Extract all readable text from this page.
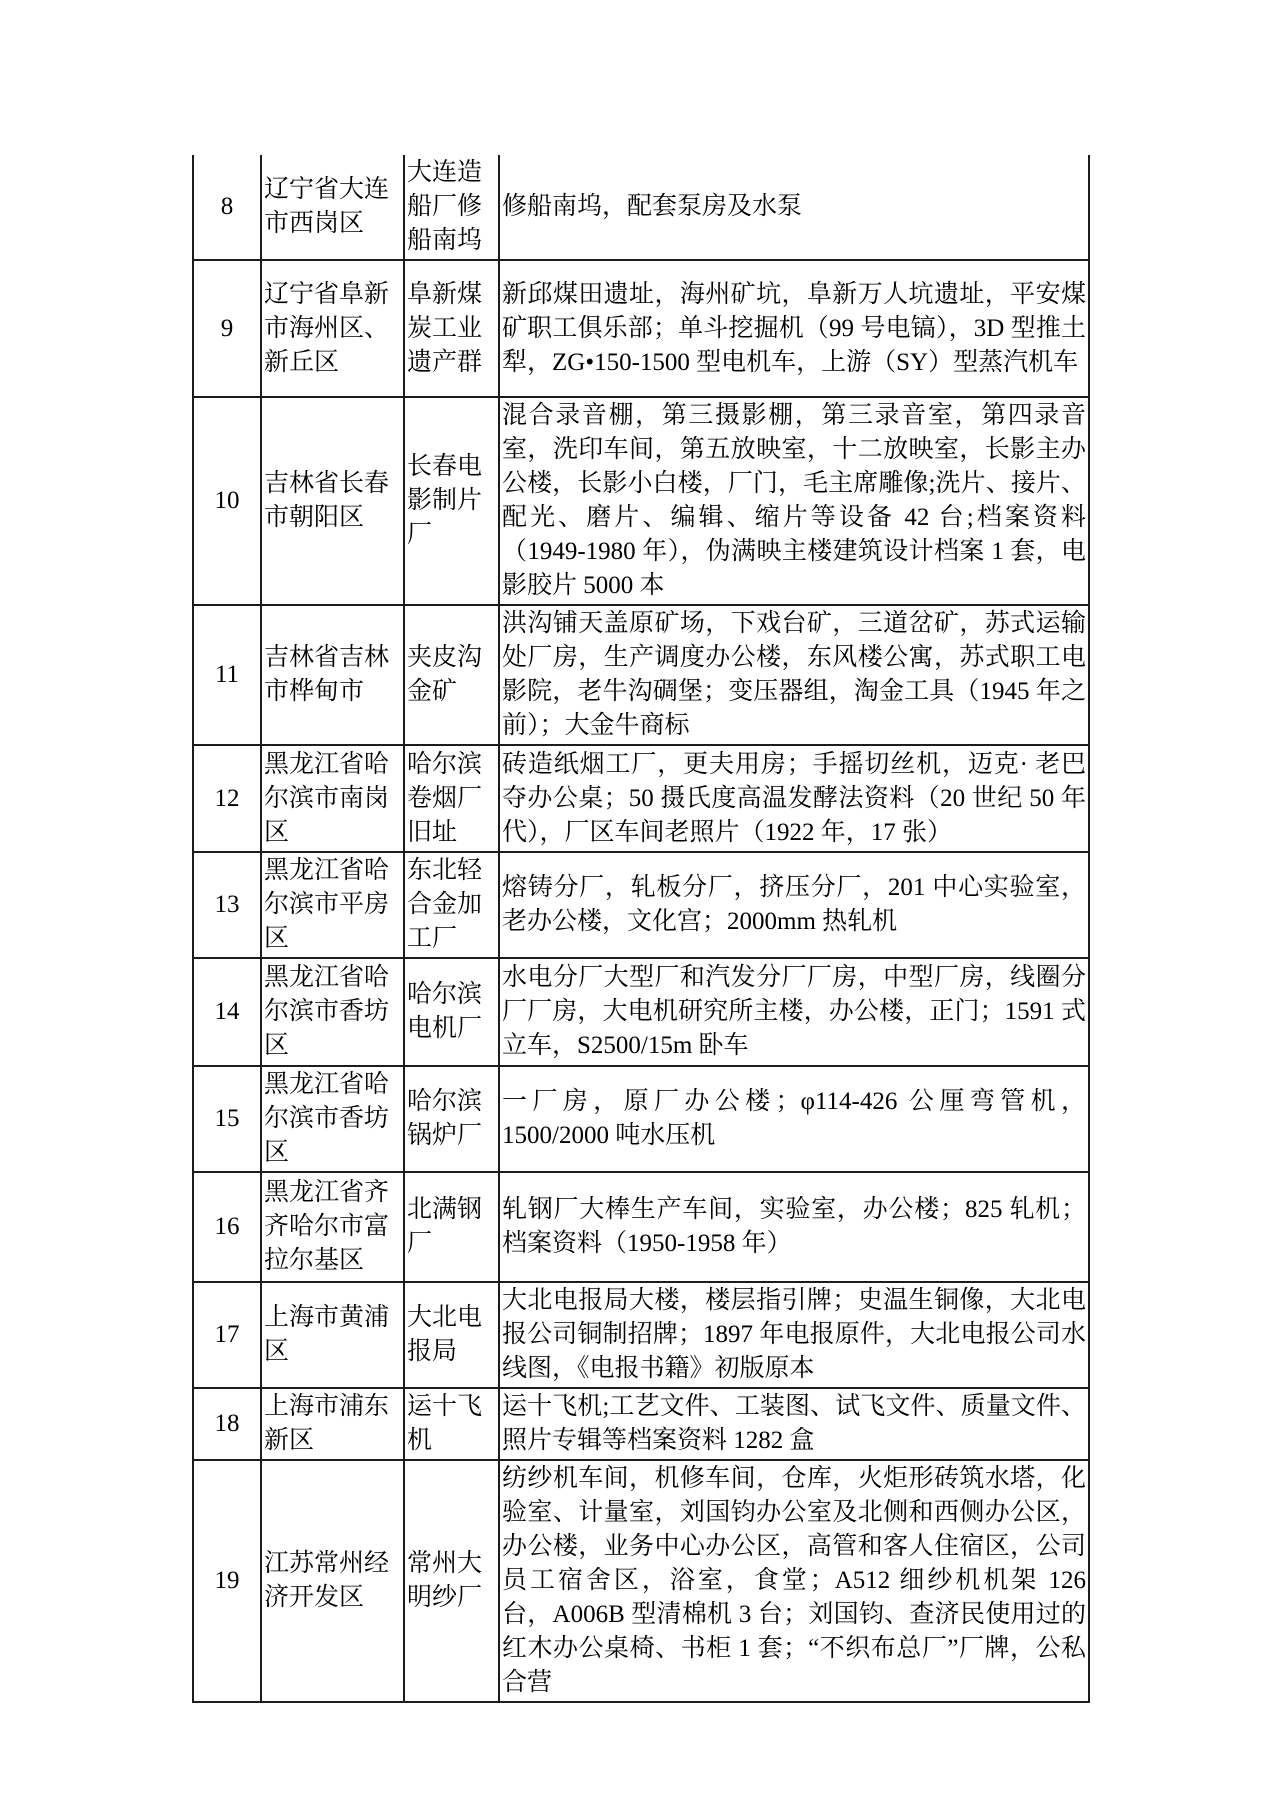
8	辽宁省大连市西岗区	大连造船厂修船南坞	修船南坞，配套泵房及水泵
9	辽宁省阜新市海州区、新丘区	阜新煤炭工业遗产群	新邱煤田遗址，海州矿坑，阜新万人坑遗址，平安煤矿职工俱乐部；单斗挖掘机（99 号电镐），3D 型推土犁，ZG•150-1500 型电机车，上游（SY）型蒸汽机车
10	吉林省长春市朝阳区	长春电影制片厂	混合录音棚，第三摄影棚，第三录音室，第四录音室，洗印车间，第五放映室，十二放映室，长影主办公楼，长影小白楼，厂门，毛主席雕像;洗片、接片、配光、磨片、编辑、缩片等设备 42 台;档案资料（1949-1980 年），伪满映主楼建筑设计档案 1 套，电影胶片 5000 本
11	吉林省吉林市桦甸市	夹皮沟金矿	洪沟铺天盖原矿场，下戏台矿，三道岔矿，苏式运输处厂房，生产调度办公楼，东风楼公寓，苏式职工电影院，老牛沟碉堡；变压器组，淘金工具（1945 年之前）；大金牛商标
12	黑龙江省哈尔滨市南岗区	哈尔滨卷烟厂旧址	砖造纸烟工厂，更夫用房；手摇切丝机，迈克· 老巴夺办公桌；50 摄氏度高温发酵法资料（20 世纪 50 年代），厂区车间老照片（1922 年，17 张）
13	黑龙江省哈尔滨市平房区	东北轻合金加工厂	熔铸分厂，轧板分厂，挤压分厂，201 中心实验室，老办公楼，文化宫；2000mm 热轧机
14	黑龙江省哈尔滨市香坊区	哈尔滨电机厂	水电分厂大型厂和汽发分厂厂房，中型厂房，线圈分厂厂房，大电机研究所主楼，办公楼，正门；1591 式立车，S2500/15m 卧车
15	黑龙江省哈尔滨市香坊区	哈尔滨锅炉厂	一厂房，原厂办公楼；φ114-426 公厘弯管机，1500/2000 吨水压机
16	黑龙江省齐齐哈尔市富拉尔基区	北满钢厂	轧钢厂大棒生产车间，实验室，办公楼；825 轧机；档案资料（1950-1958 年）
17	上海市黄浦区	大北电报局	大北电报局大楼，楼层指引牌；史温生铜像，大北电报公司铜制招牌；1897 年电报原件，大北电报公司水线图，《电报书籍》初版原本
18	上海市浦东新区	运十飞机	运十飞机;工艺文件、工装图、试飞文件、质量文件、照片专辑等档案资料 1282 盒
19	江苏常州经济开发区	常州大明纱厂	纺纱机车间，机修车间，仓库，火炬形砖筑水塔，化验室、计量室，刘国钧办公室及北侧和西侧办公区，办公楼，业务中心办公区，高管和客人住宿区，公司员工宿舍区，浴室，食堂；A512 细纱机机架 126 台，A006B 型清棉机 3 台；刘国钧、查济民使用过的红木办公桌椅、书柜 1 套；“不织布总厂”厂牌，公私合营
